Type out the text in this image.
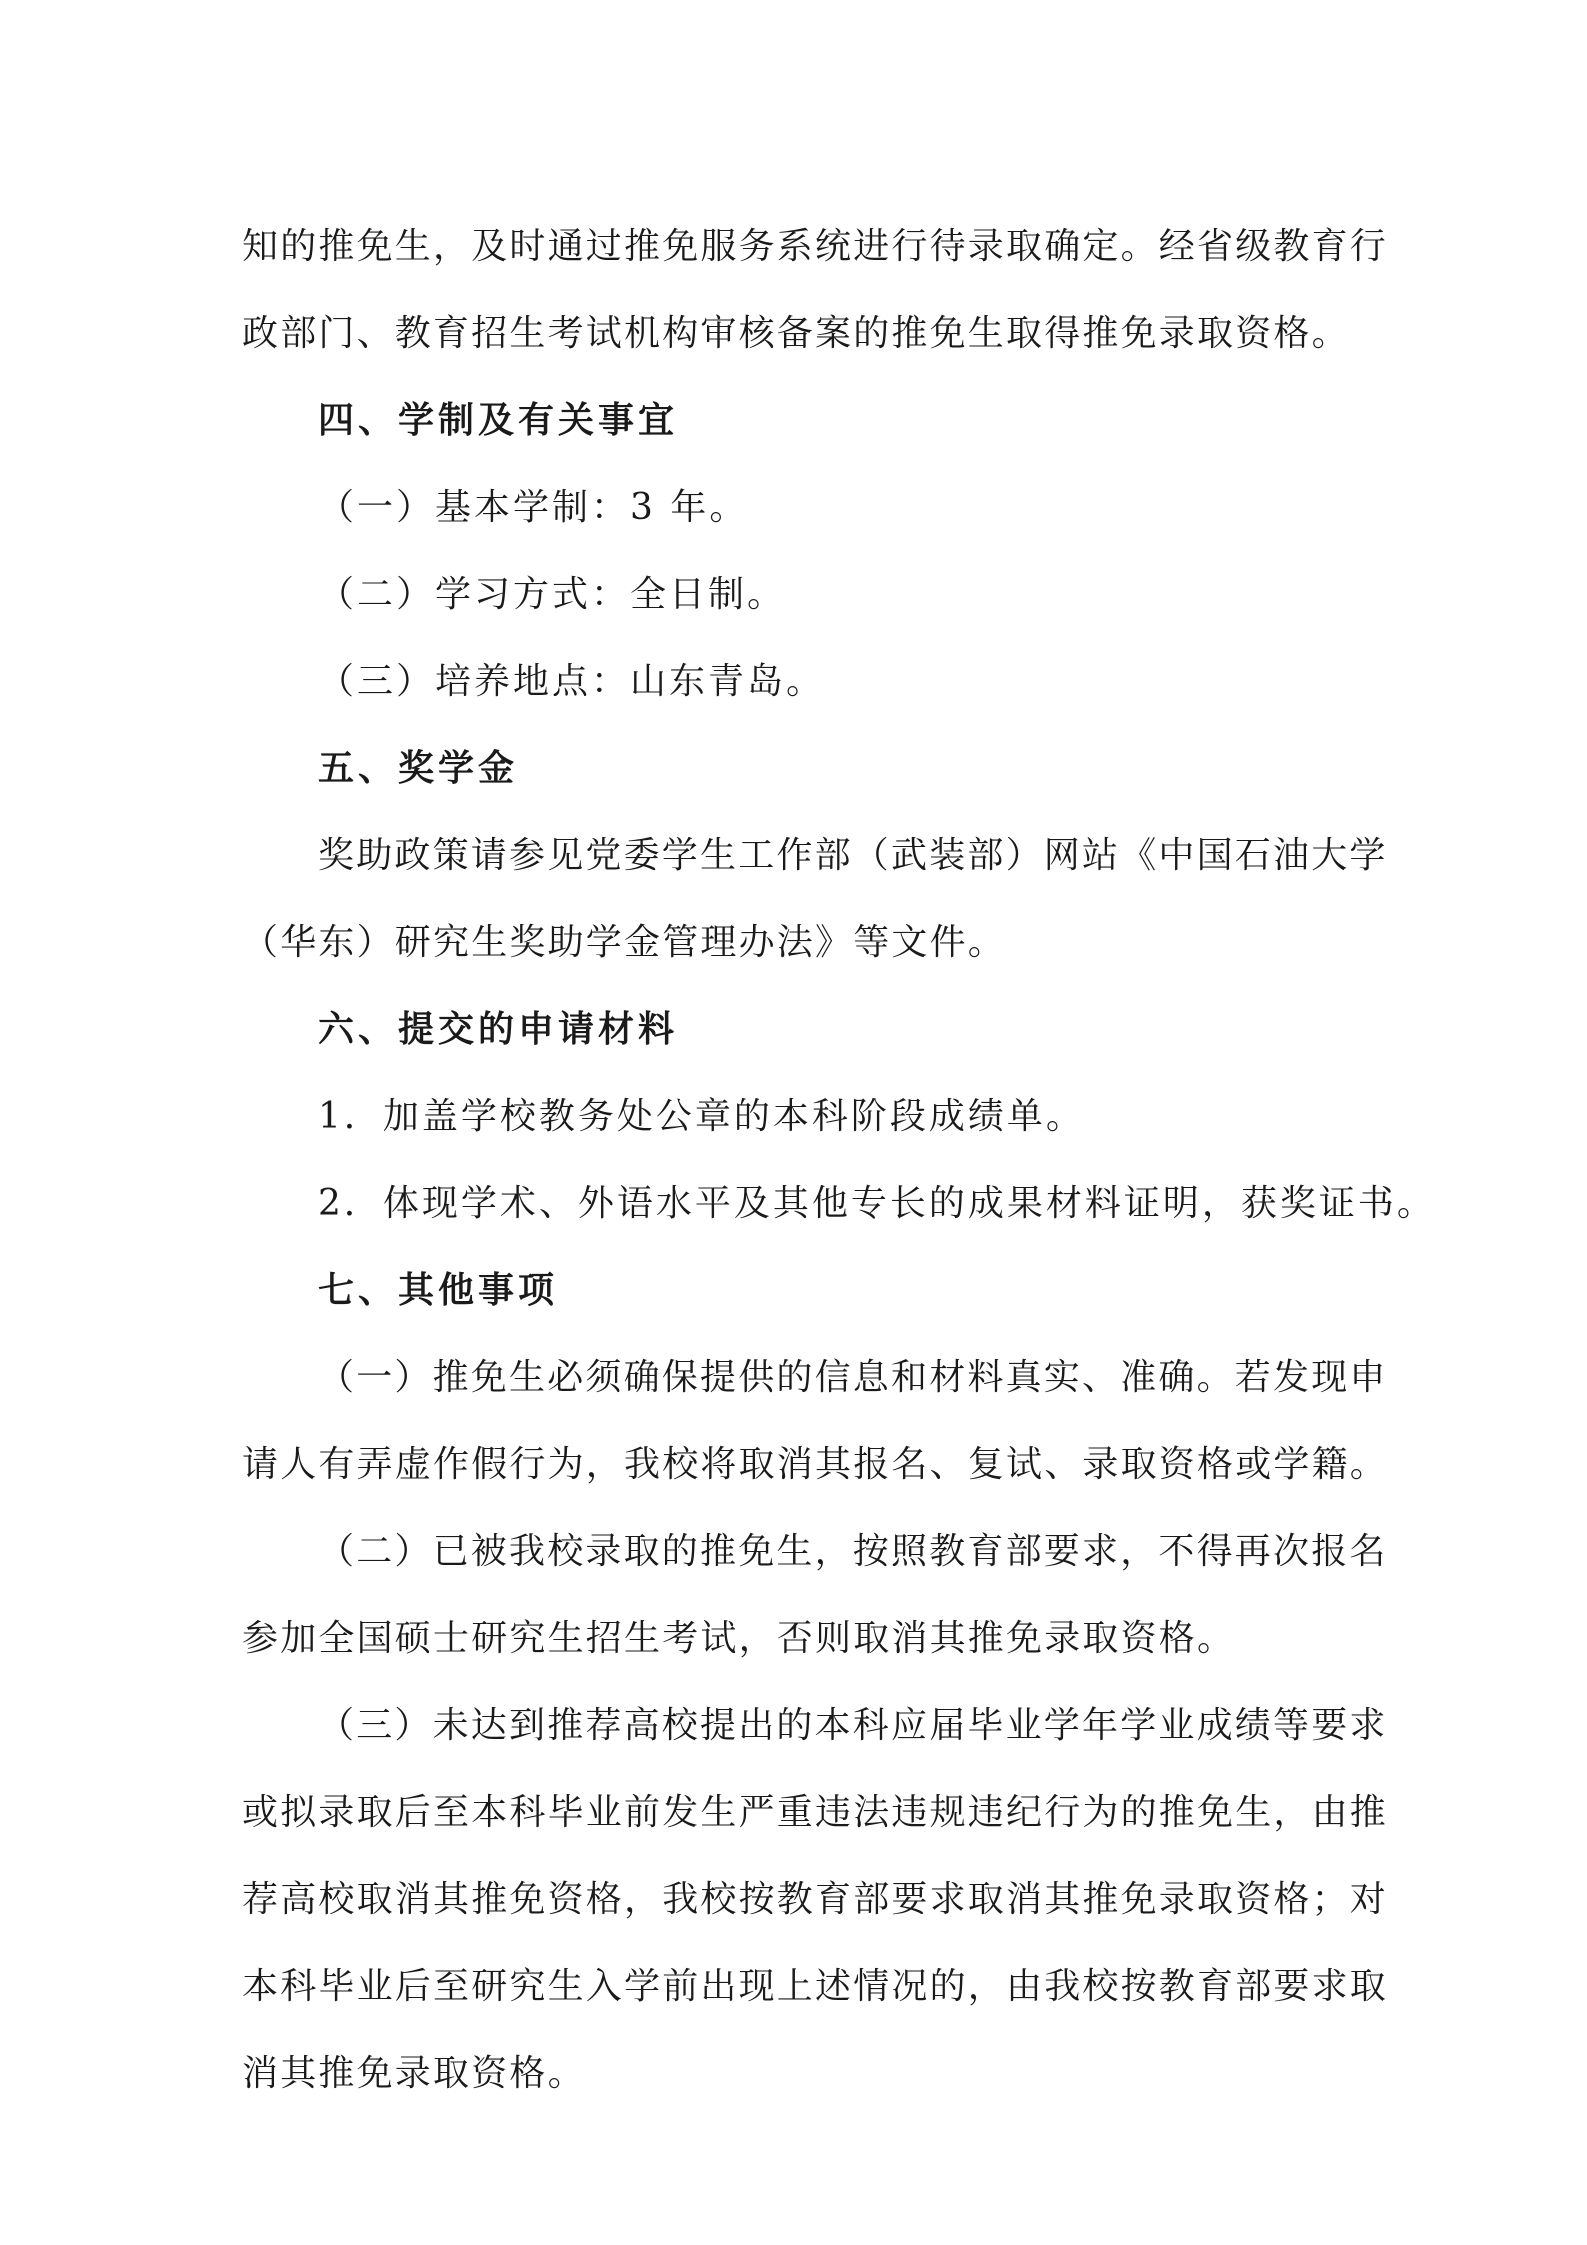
知的推免生，及时通过推免服务系统进行待录取确定。经省级教育行
政部门、教育招生考试机构审核备案的推免生取得推免录取资格。
四、学制及有关事宜
（一）基本学制：3 年。
（二）学习方式：全日制。
（三）培养地点：山东青岛。
五、奖学金
奖助政策请参见党委学生工作部（武装部）网站《中国石油大学
（华东）研究生奖助学金管理办法》等文件。
六、提交的申请材料
1．加盖学校教务处公章的本科阶段成绩单。
2．体现学术、外语水平及其他专长的成果材料证明，获奖证书。
七、其他事项
（一）推免生必须确保提供的信息和材料真实、准确。若发现申
请人有弄虚作假行为，我校将取消其报名、复试、录取资格或学籍。
（二）已被我校录取的推免生，按照教育部要求，不得再次报名
参加全国硕士研究生招生考试，否则取消其推免录取资格。
（三）未达到推荐高校提出的本科应届毕业学年学业成绩等要求
或拟录取后至本科毕业前发生严重违法违规违纪行为的推免生，由推
荐高校取消其推免资格，我校按教育部要求取消其推免录取资格；对
本科毕业后至研究生入学前出现上述情况的，由我校按教育部要求取
消其推免录取资格。
